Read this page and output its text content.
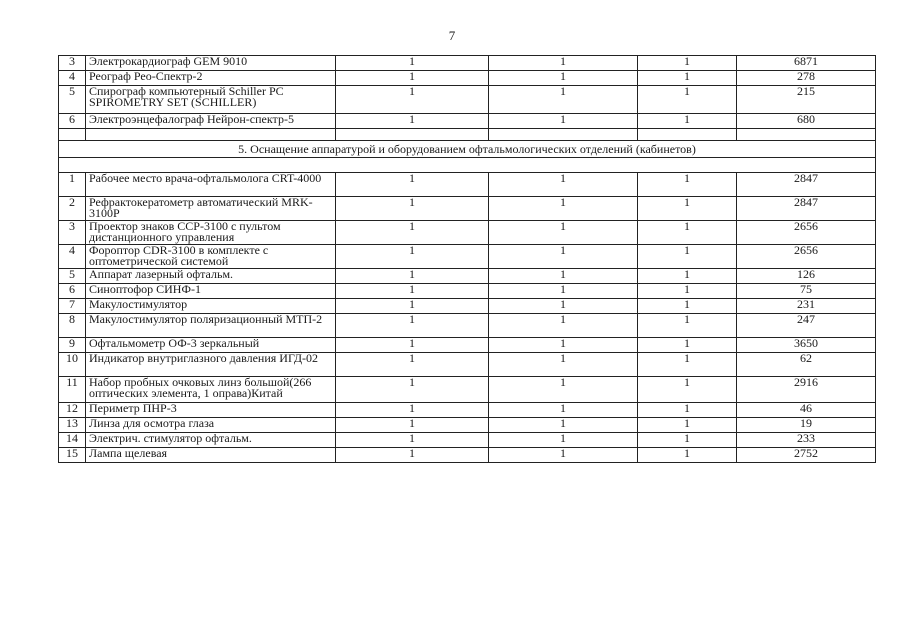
7
3	Электрокардиограф GEM 9010	1	1	1	6871
4	Реограф Рео-Спектр-2	1	1	1	278
5	Спирограф компьютерный Schiller PC SPIROMETRY SET (SCHILLER)	1	1	1	215
6	Электроэнцефалограф Нейрон-спектр-5	1	1	1	680

5. Оснащение аппаратурой и оборудованием офтальмологических отделений (кабинетов)					

1	Рабочее место врача-офтальмолога CRT-4000	1	1	1	2847
2	Рефрактокератометр автоматический MRK-3100P	1	1	1	2847
3	Проектор знаков CCP-3100 с пультом дистанционного управления	1	1	1	2656
4	Фороптор CDR-3100 в комплекте с оптометрической системой	1	1	1	2656
5	Аппарат лазерный офтальм.	1	1	1	126
6	Синоптофор СИНФ-1	1	1	1	75
7	Макулостимулятор	1	1	1	231
8	Макулостимулятор поляризационный МТП-2	1	1	1	247
9	Офтальмометр ОФ-3 зеркальный	1	1	1	3650
10	Индикатор внутриглазного давления ИГД-02	1	1	1	62
11	Набор пробных очковых линз большой(266 оптических элемента, 1 оправа)Китай	1	1	1	2916
12	Периметр ПНР-3	1	1	1	46
13	Линза для осмотра глаза	1	1	1	19
14	Электрич. стимулятор офтальм.	1	1	1	233
15	Лампа щелевая	1	1	1	2752
